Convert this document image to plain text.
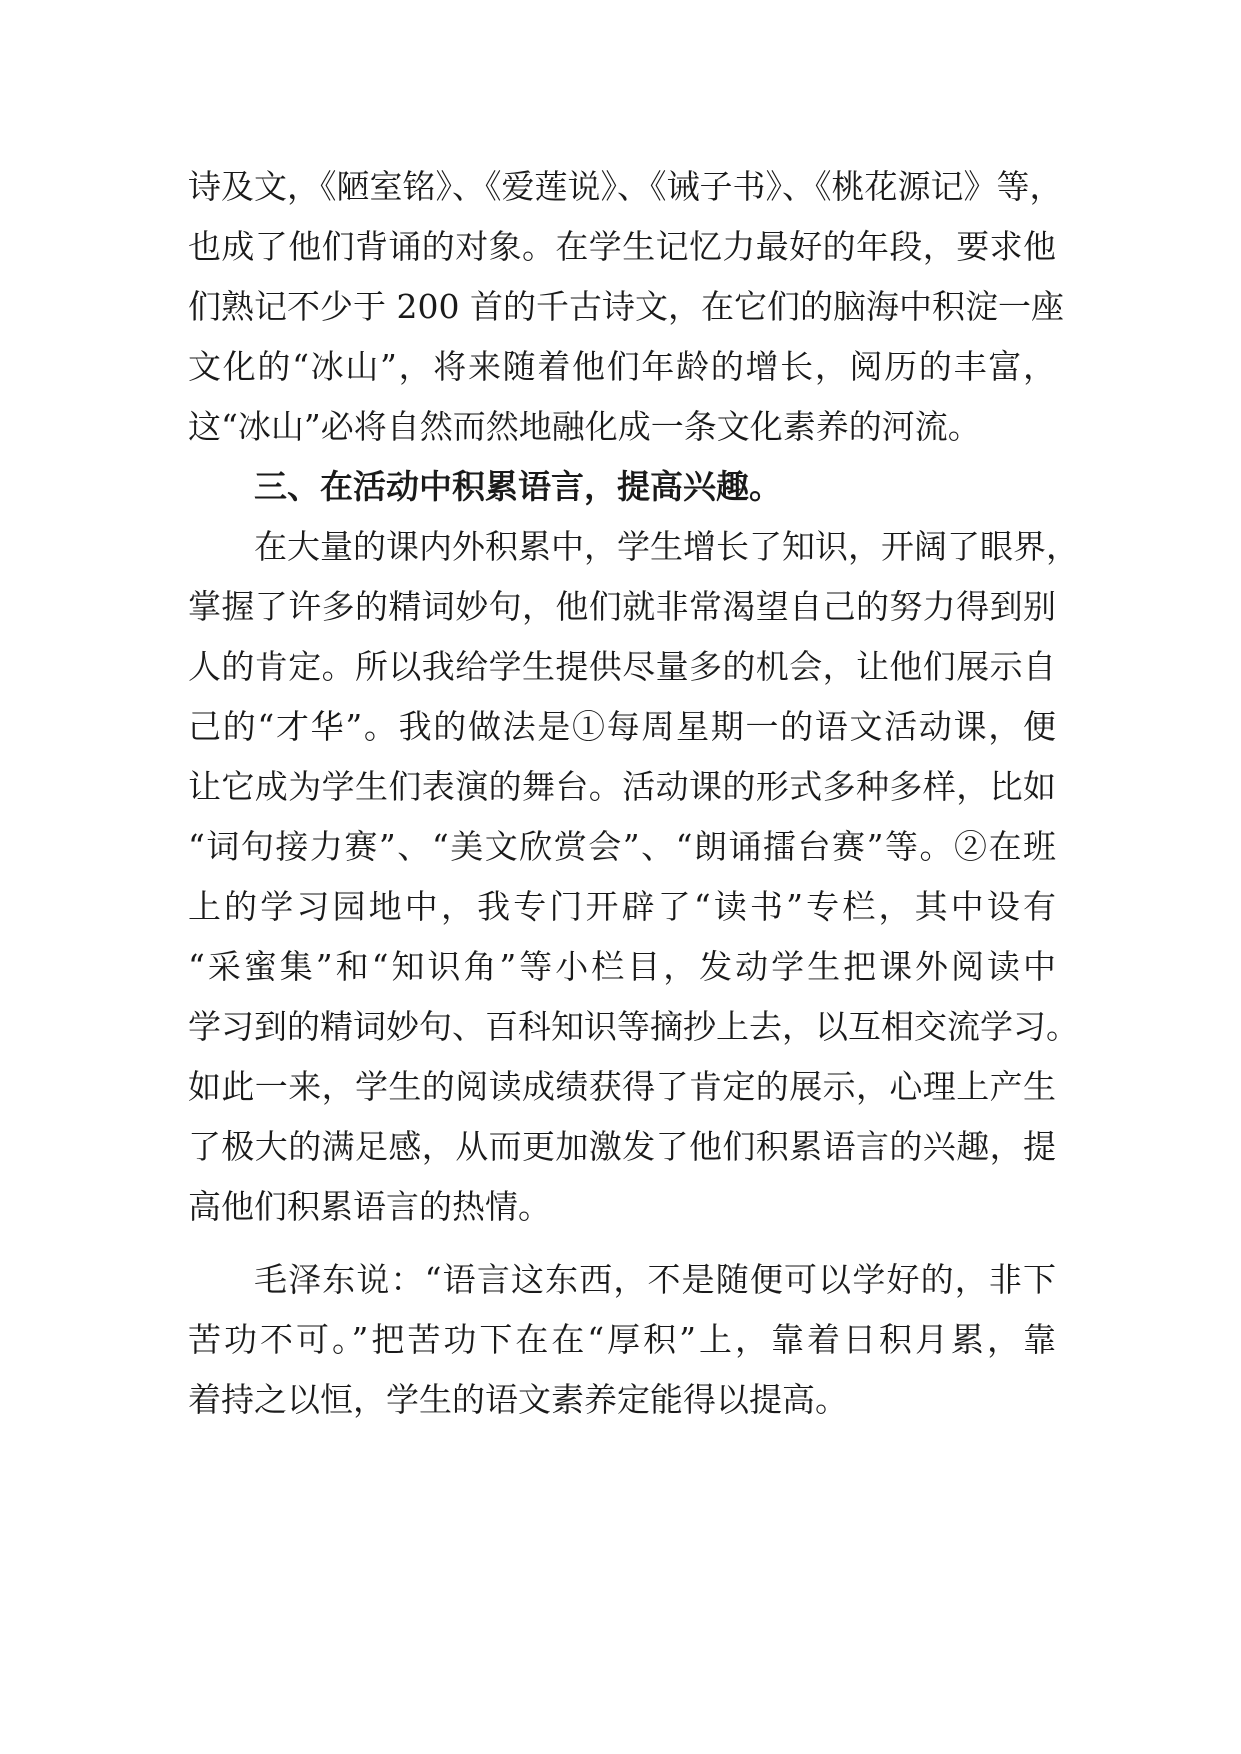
诗及文，《陋室铭》、《爱莲说》、《诫子书》、《桃花源记》等，
也成了他们背诵的对象。在学生记忆力最好的年段，要求他
们熟记不少于 200 首的千古诗文，在它们的脑海中积淀一座
文化的“冰山”，将来随着他们年龄的增长，阅历的丰富，
这“冰山”必将自然而然地融化成一条文化素养的河流。
三、在活动中积累语言，提高兴趣。
在大量的课内外积累中，学生增长了知识，开阔了眼界，
掌握了许多的精词妙句，他们就非常渴望自己的努力得到别
人的肯定。所以我给学生提供尽量多的机会，让他们展示自
己的“才华”。我的做法是①每周星期一的语文活动课，便
让它成为学生们表演的舞台。活动课的形式多种多样，比如
“词句接力赛”、“美文欣赏会”、“朗诵擂台赛”等。②在班
上的学习园地中，我专门开辟了“读书”专栏，其中设有
“采蜜集”和“知识角”等小栏目，发动学生把课外阅读中
学习到的精词妙句、百科知识等摘抄上去，以互相交流学习。
如此一来，学生的阅读成绩获得了肯定的展示，心理上产生
了极大的满足感，从而更加激发了他们积累语言的兴趣，提
高他们积累语言的热情。
毛泽东说：“语言这东西，不是随便可以学好的，非下
苦功不可。”把苦功下在在“厚积”上，靠着日积月累，靠
着持之以恒，学生的语文素养定能得以提高。
